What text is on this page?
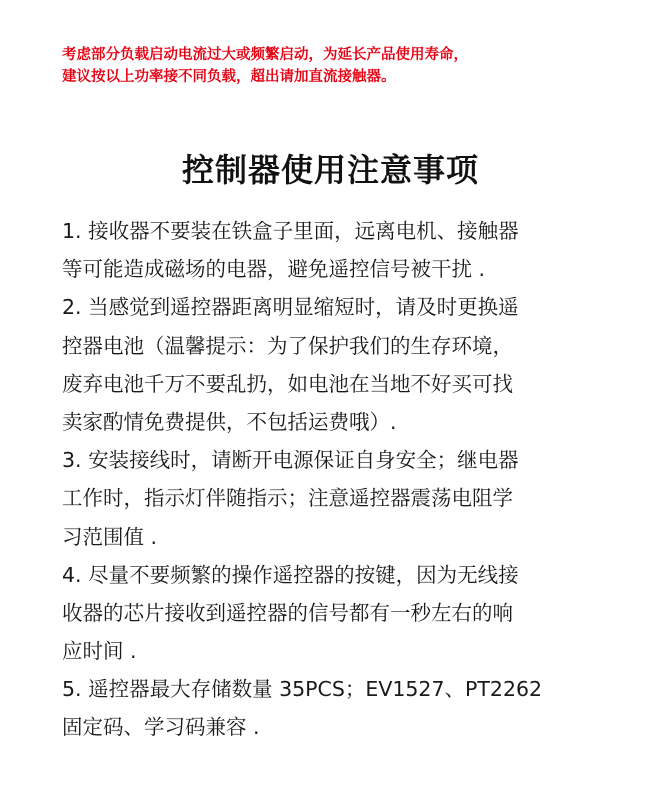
考虑部分负载启动电流过大或频繁启动，为延长产品使用寿命，
建议按以上功率接不同负载，超出请加直流接触器。
控制器使用注意事项
1. 接收器不要装在铁盒子里面，远离电机、接触器
等可能造成磁场的电器，避免遥控信号被干扰 .
2. 当感觉到遥控器距离明显缩短时，请及时更换遥
控器电池（温馨提示：为了保护我们的生存环境，
废弃电池千万不要乱扔，如电池在当地不好买可找
卖家酌情免费提供，不包括运费哦）.
3. 安装接线时，请断开电源保证自身安全；继电器
工作时，指示灯伴随指示；注意遥控器震荡电阻学
习范围值 .
4. 尽量不要频繁的操作遥控器的按键，因为无线接
收器的芯片接收到遥控器的信号都有一秒左右的响
应时间 .
5. 遥控器最大存储数量 35PCS；EV1527、PT2262
固定码、学习码兼容 .
